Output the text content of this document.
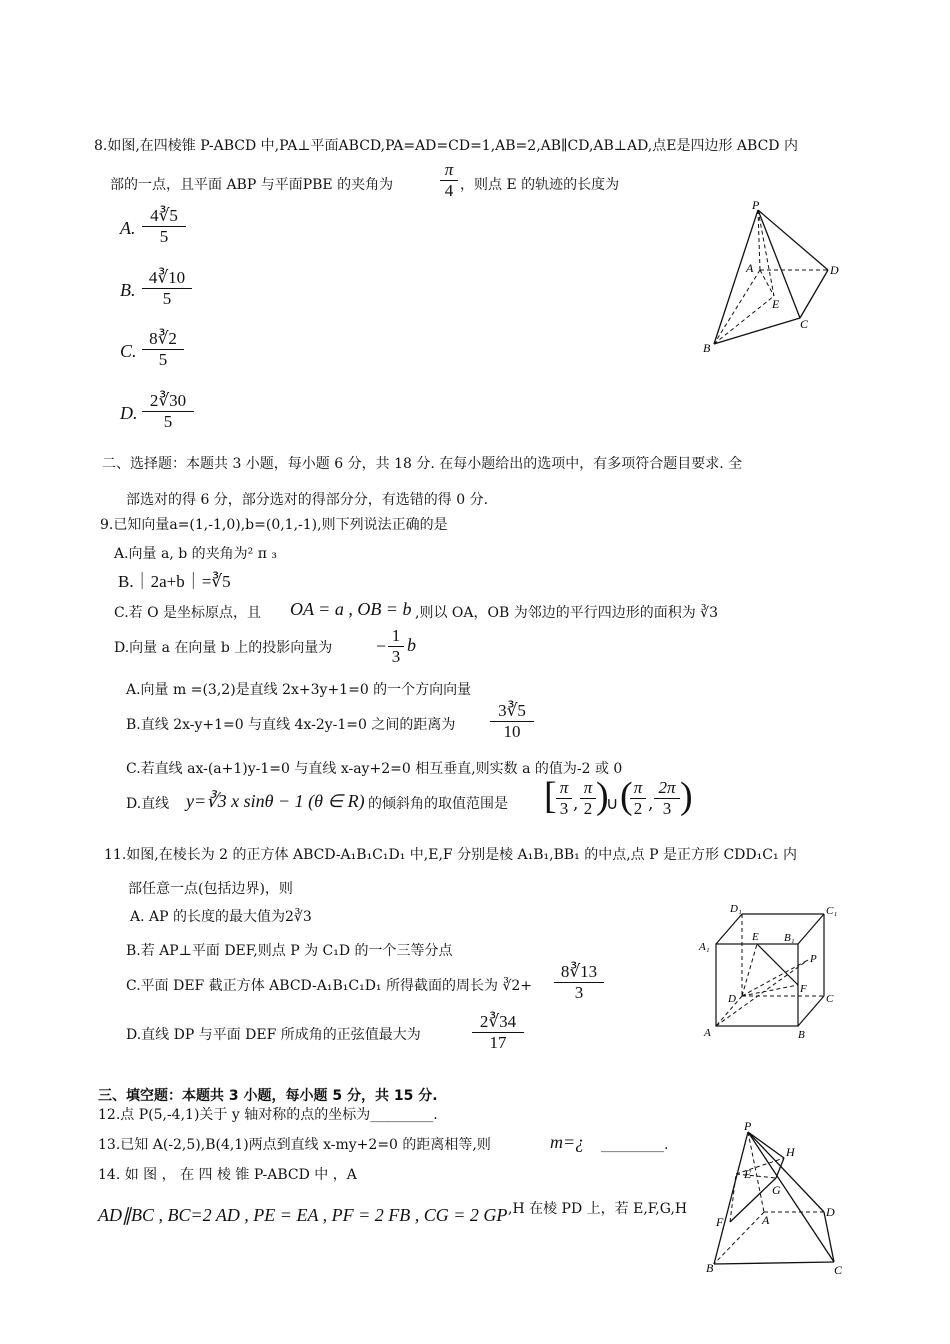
8.如图,在四棱锥 P-ABCD 中,PA⊥平面ABCD,PA=AD=CD=1,AB=2,AB∥CD,AB⊥AD,点E是四边形 ABCD 内
部的一点，且平面 ABP 与平面PBE 的夹角为	$\frac{\pi}{4}$ ，则点 E 的轨迹的长度为
A. $\frac{4∛5}{5}$
B. $\frac{4∛10}{5}$
C. $\frac{8∛2}{5}$
D. $\frac{2∛30}{5}$
P
A
B
C
D
E
二、选择题：本题共 3 小题，每小题 6 分，共 18 分. 在每小题给出的选项中，有多项符合题目要求. 全
部选对的得 6 分，部分选对的得部分分，有选错的得 0 分.
9.已知向量a=(1,-1,0),b=(0,1,-1),则下列说法正确的是
A.向量 a, b 的夹角为² π ₃
B.｜2a+b｜=∛5
C.若 O 是坐标原点，且 OA = a , OB = b ,则以 OA，OB 为邻边的平行四边形的面积为 ∛3
D.向量 a 在向量 b 上的投影向量为 − $\frac{1}{3}$ b
A.向量 m =(3,2)是直线 2x+3y+1=0 的一个方向向量
B.直线 2x-y+1=0 与直线 4x-2y-1=0 之间的距离为 $\frac{3∛5}{10}$
C.若直线 ax-(a+1)y-1=0 与直线 x-ay+2=0 相互垂直,则实数 a 的值为-2 或 0
D.直线 y=∛3 x sinθ − 1 (θ ∈ R) 的倾斜角的取值范围是 [ $\frac{\pi}{3}$ , $\frac{\pi}{2}$ )
∪ (
$\frac{\pi}{2}$ , $\frac{2\pi}{3}$ )
11.如图,在棱长为 2 的正方体 ABCD-A₁B₁C₁D₁ 中,E,F 分别是棱 A₁B₁,BB₁ 的中点,点 P 是正方形 CDD₁C₁ 内
部任意一点(包括边界)，则
A. AP 的长度的最大值为2∛3
B.若 AP⊥平面 DEF,则点 P 为 C₁D 的一个三等分点
C.平面 DEF 截正方体 ABCD-A₁B₁C₁D₁ 所得截面的周长为 ∛2+ $\frac{8∛13}{3}$
D.直线 DP 与平面 DEF 所成角的正弦值最大为	$\frac{2∛34}{17}$
D₁	C₁
A₁
B₁
E
P
F
D	C
A	B
三、填空题：本题共 3 小题，每小题 5 分，共 15 分.
12.点 P(5,-4,1)关于 y 轴对称的点的坐标为_________.
13.已知 A(-2,5),B(4,1)两点到直线 x-my+2=0 的距离相等,则	m=¿ _________.
14. 如 图 ， 在 四 棱 锥 P-ABCD 中 ，A
AD∥BC , BC=2 AD , PE = EA , PF = 2 FB , CG = 2 GP ,H 在棱 PD 上，若 E,F,G,H
P
H
E
G
F	A
D
B	C
